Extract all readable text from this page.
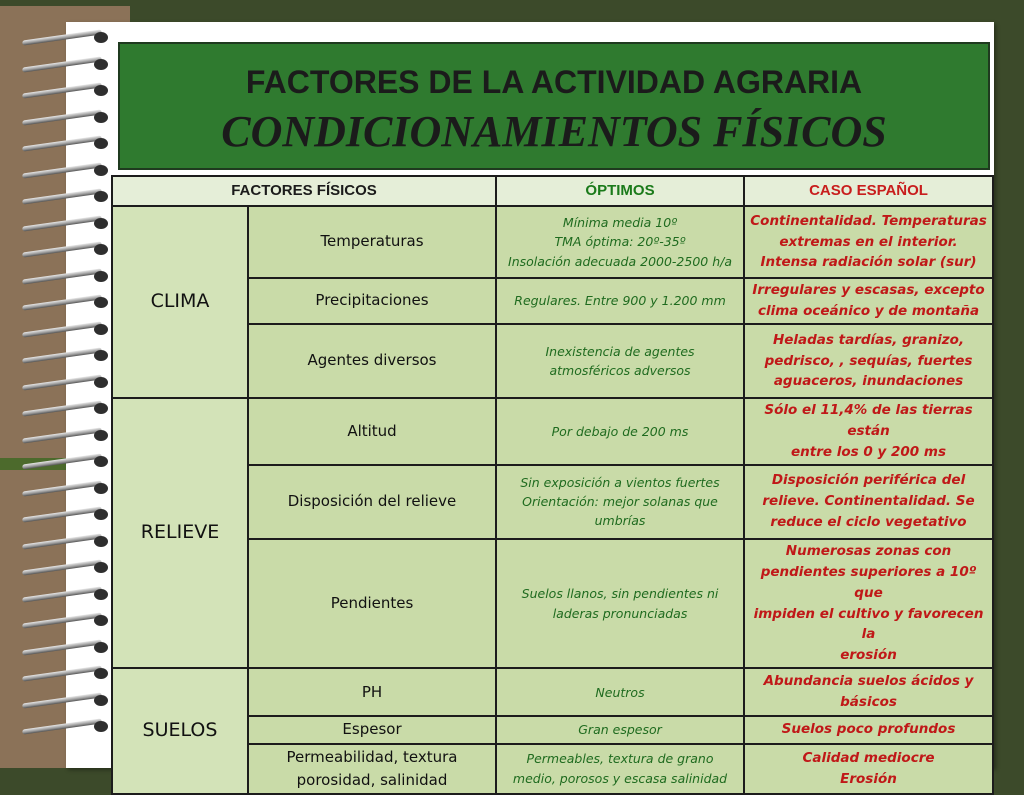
FACTORES DE LA ACTIVIDAD AGRARIA
CONDICIONAMIENTOS FÍSICOS
FACTORES FÍSICOS		ÓPTIMOS	CASO ESPAÑOL
CLIMA	Temperaturas	Mínima media 10º
TMA óptima: 20º-35º
Insolación adecuada 2000-2500 h/a	Continentalidad. Temperaturas
extremas en el interior.
Intensa radiación solar (sur)

	Precipitaciones	Regulares. Entre 900 y 1.200 mm	Irregulares y escasas, excepto
clima oceánico y de montaña

	Agentes diversos	Inexistencia de agentes
atmosféricos adversos	Heladas tardías, granizo,
pedrisco, , sequías, fuertes
aguaceros, inundaciones

RELIEVE	Altitud	Por debajo de 200 ms	Sólo el 11,4% de las tierras están
entre los 0 y 200 ms

	Disposición del relieve	Sin exposición a vientos fuertes
Orientación: mejor solanas que
umbrías	Disposición periférica del
relieve. Continentalidad. Se
reduce el ciclo vegetativo

	Pendientes	Suelos llanos, sin pendientes ni
laderas pronunciadas	Numerosas zonas con
pendientes superiores a 10º que
impiden el cultivo y favorecen la
erosión

SUELOS	PH	Neutros	Abundancia suelos ácidos y
básicos

	Espesor	Gran espesor	Suelos poco profundos

	Permeabilidad, textura
porosidad, salinidad	Permeables, textura de grano
medio, porosos y escasa salinidad	Calidad mediocre
Erosión
